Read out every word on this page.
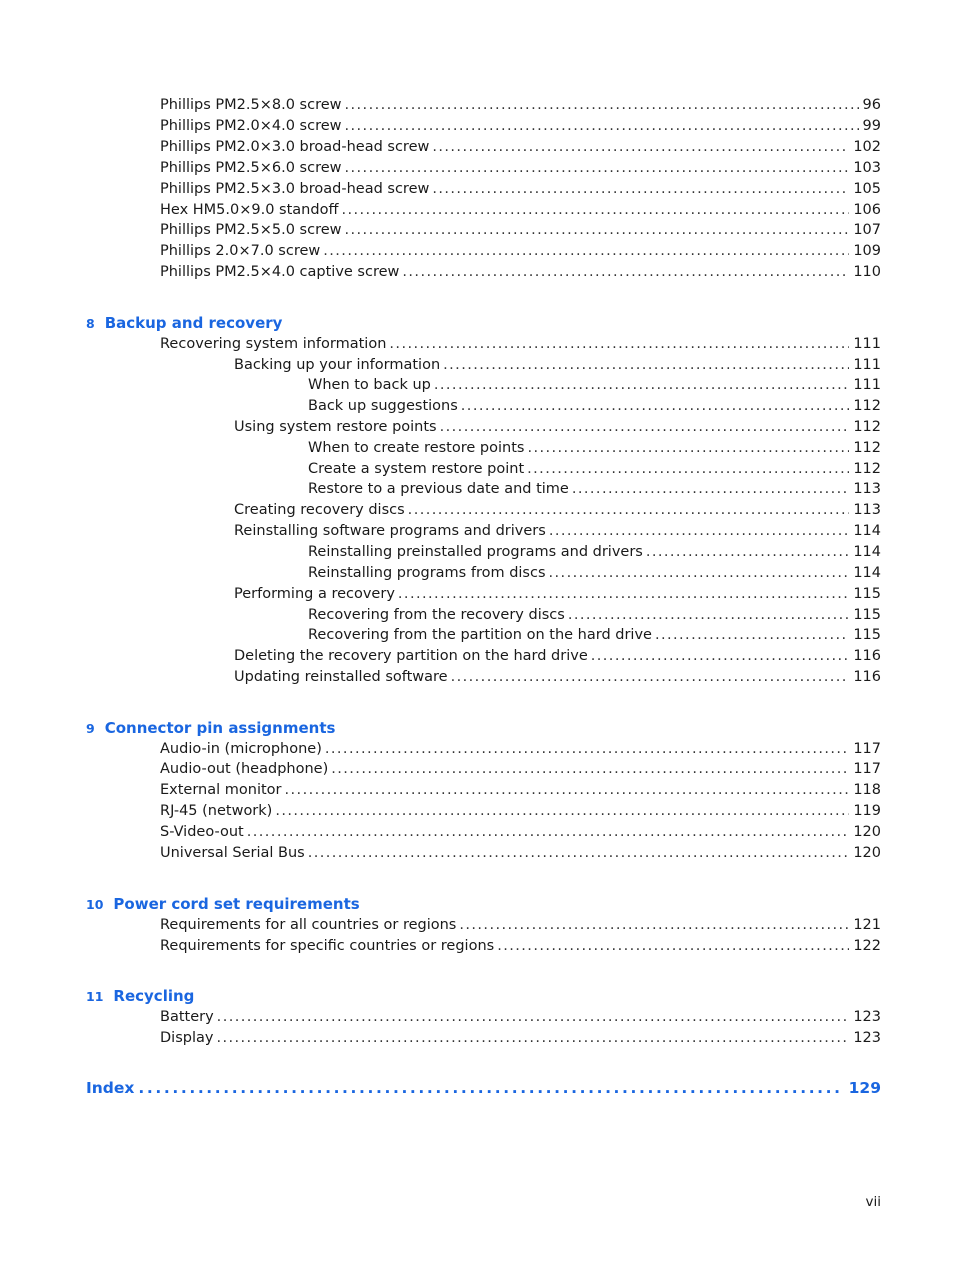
Phillips PM2.5×8.0 screw . . .	96
Phillips PM2.0×4.0 screw . . .	99
Phillips PM2.0×3.0 broad-head screw . . .	102
Phillips PM2.5×6.0 screw . . .	103
Phillips PM2.5×3.0 broad-head screw . . .	105
Hex HM5.0×9.0 standoff . . .	106
Phillips PM2.5×5.0 screw . . .	107
Phillips 2.0×7.0 screw . . .	109
Phillips PM2.5×4.0 captive screw . . .	110
8 Backup and recovery
Recovering system information . . .	111
Backing up your information . . .	111
When to back up . . .	111
Back up suggestions . . .	112
Using system restore points . . .	112
When to create restore points . . .	112
Create a system restore point . . .	112
Restore to a previous date and time . . .	113
Creating recovery discs . . .	113
Reinstalling software programs and drivers . . .	114
Reinstalling preinstalled programs and drivers . . .	114
Reinstalling programs from discs . . .	114
Performing a recovery . . .	115
Recovering from the recovery discs . . .	115
Recovering from the partition on the hard drive . . .	115
Deleting the recovery partition on the hard drive . . .	116
Updating reinstalled software . . .	116
9 Connector pin assignments
Audio-in (microphone) . . .	117
Audio-out (headphone) . . .	117
External monitor . . .	118
RJ-45 (network) . . .	119
S-Video-out . . .	120
Universal Serial Bus . . .	120
10 Power cord set requirements
Requirements for all countries or regions . . .	121
Requirements for specific countries or regions . . .	122
11 Recycling
Battery . . .	123
Display . . .	123
Index . . .	129
vii
